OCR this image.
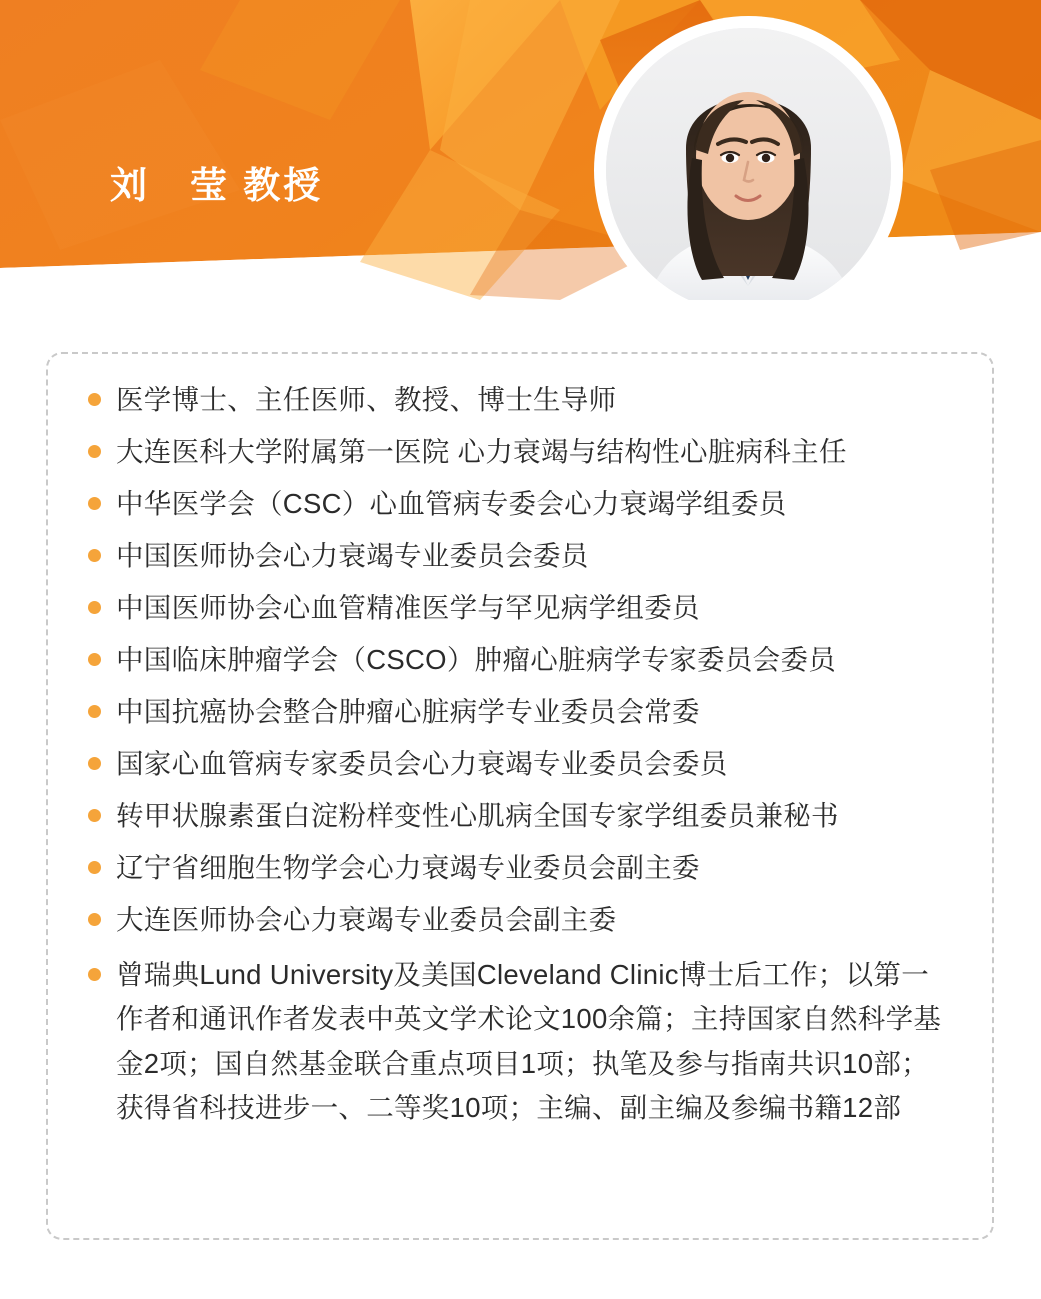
刘　莹 教授
医学博士、主任医师、教授、博士生导师
大连医科大学附属第一医院 心力衰竭与结构性心脏病科主任
中华医学会（CSC）心血管病专委会心力衰竭学组委员
中国医师协会心力衰竭专业委员会委员
中国医师协会心血管精准医学与罕见病学组委员
中国临床肿瘤学会（CSCO）肿瘤心脏病学专家委员会委员
中国抗癌协会整合肿瘤心脏病学专业委员会常委
国家心血管病专家委员会心力衰竭专业委员会委员
转甲状腺素蛋白淀粉样变性心肌病全国专家学组委员兼秘书
辽宁省细胞生物学会心力衰竭专业委员会副主委
大连医师协会心力衰竭专业委员会副主委
曾瑞典Lund University及美国Cleveland Clinic博士后工作；以第一作者和通讯作者发表中英文学术论文100余篇；主持国家自然科学基金2项；国自然基金联合重点项目1项；执笔及参与指南共识10部；获得省科技进步一、二等奖10项；主编、副主编及参编书籍12部
